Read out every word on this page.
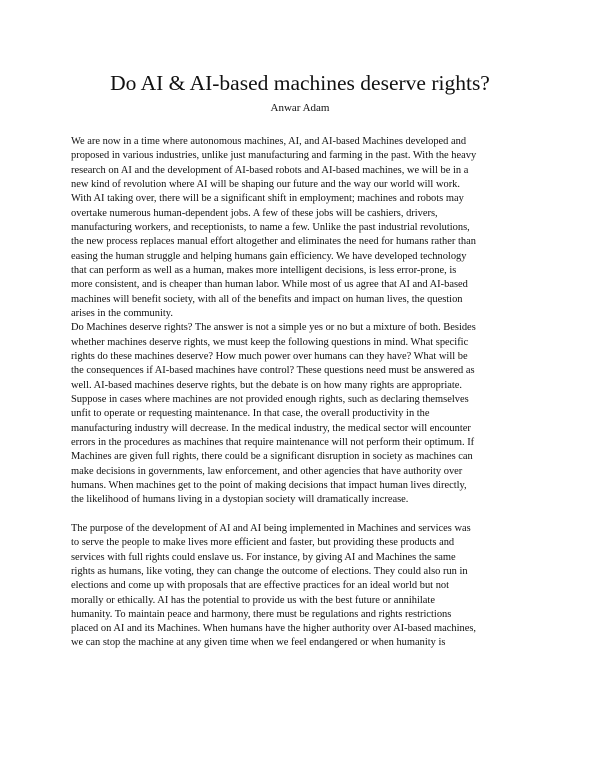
Do AI & AI-based machines deserve rights?
Anwar Adam
We are now in a time where autonomous machines, AI, and AI-based Machines developed and
proposed in various industries, unlike just manufacturing and farming in the past. With the heavy
research on AI and the development of AI-based robots and AI-based machines, we will be in a
new kind of revolution where AI will be shaping our future and the way our world will work.
With AI taking over, there will be a significant shift in employment; machines and robots may
overtake numerous human-dependent jobs. A few of these jobs will be cashiers, drivers,
manufacturing workers, and receptionists, to name a few. Unlike the past industrial revolutions,
the new process replaces manual effort altogether and eliminates the need for humans rather than
easing the human struggle and helping humans gain efficiency. We have developed technology
that can perform as well as a human, makes more intelligent decisions, is less error-prone, is
more consistent, and is cheaper than human labor. While most of us agree that AI and AI-based
machines will benefit society, with all of the benefits and impact on human lives, the question
arises in the community.
Do Machines deserve rights? The answer is not a simple yes or no but a mixture of both. Besides
whether machines deserve rights, we must keep the following questions in mind. What specific
rights do these machines deserve? How much power over humans can they have? What will be
the consequences if AI-based machines have control? These questions need must be answered as
well. AI-based machines deserve rights, but the debate is on how many rights are appropriate.
Suppose in cases where machines are not provided enough rights, such as declaring themselves
unfit to operate or requesting maintenance. In that case, the overall productivity in the
manufacturing industry will decrease. In the medical industry, the medical sector will encounter
errors in the procedures as machines that require maintenance will not perform their optimum. If
Machines are given full rights, there could be a significant disruption in society as machines can
make decisions in governments, law enforcement, and other agencies that have authority over
humans. When machines get to the point of making decisions that impact human lives directly,
the likelihood of humans living in a dystopian society will dramatically increase.
The purpose of the development of AI and AI being implemented in Machines and services was
to serve the people to make lives more efficient and faster, but providing these products and
services with full rights could enslave us. For instance, by giving AI and Machines the same
rights as humans, like voting, they can change the outcome of elections. They could also run in
elections and come up with proposals that are effective practices for an ideal world but not
morally or ethically. AI has the potential to provide us with the best future or annihilate
humanity. To maintain peace and harmony, there must be regulations and rights restrictions
placed on AI and its Machines. When humans have the higher authority over AI-based machines,
we can stop the machine at any given time when we feel endangered or when humanity is
